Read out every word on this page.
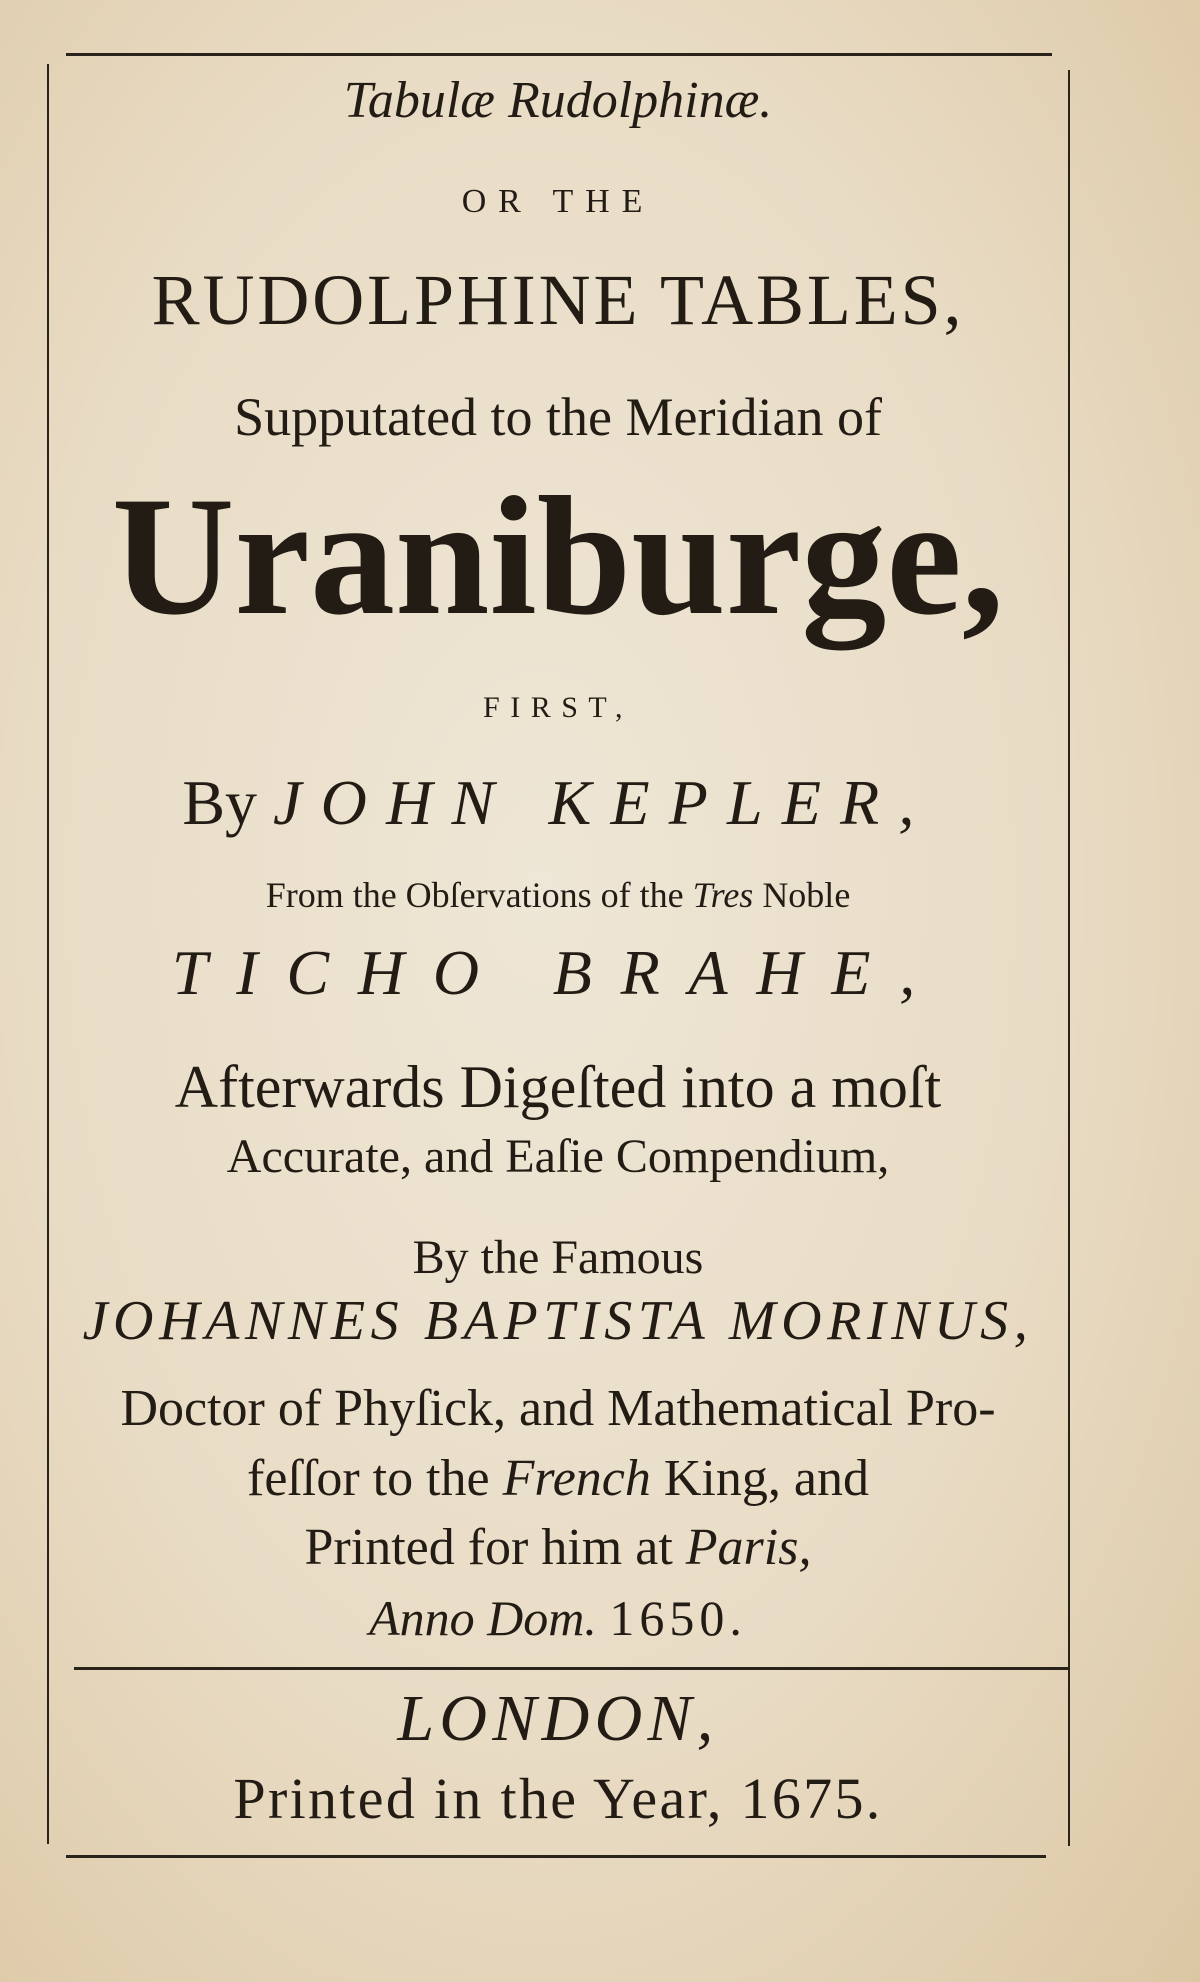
Tabulæ Rudolphinæ.
OR THE
RUDOLPHINE TABLES,
Supputated to the Meridian of
Uraniburge,
FIRST,
By JOHN KEPLER,
From the Obſervations of the Tres Noble
TICHO BRAHE,
Afterwards Digeſted into a moſt
Accurate, and Eaſie Compendium,
By the Famous
JOHANNES BAPTISTA MORINUS,
Doctor of Phyſick, and Mathematical Pro-
feſſor to the French King, and
Printed for him at Paris,
Anno Dom. 1650.
LONDON,
Printed in the Year, 1675.
